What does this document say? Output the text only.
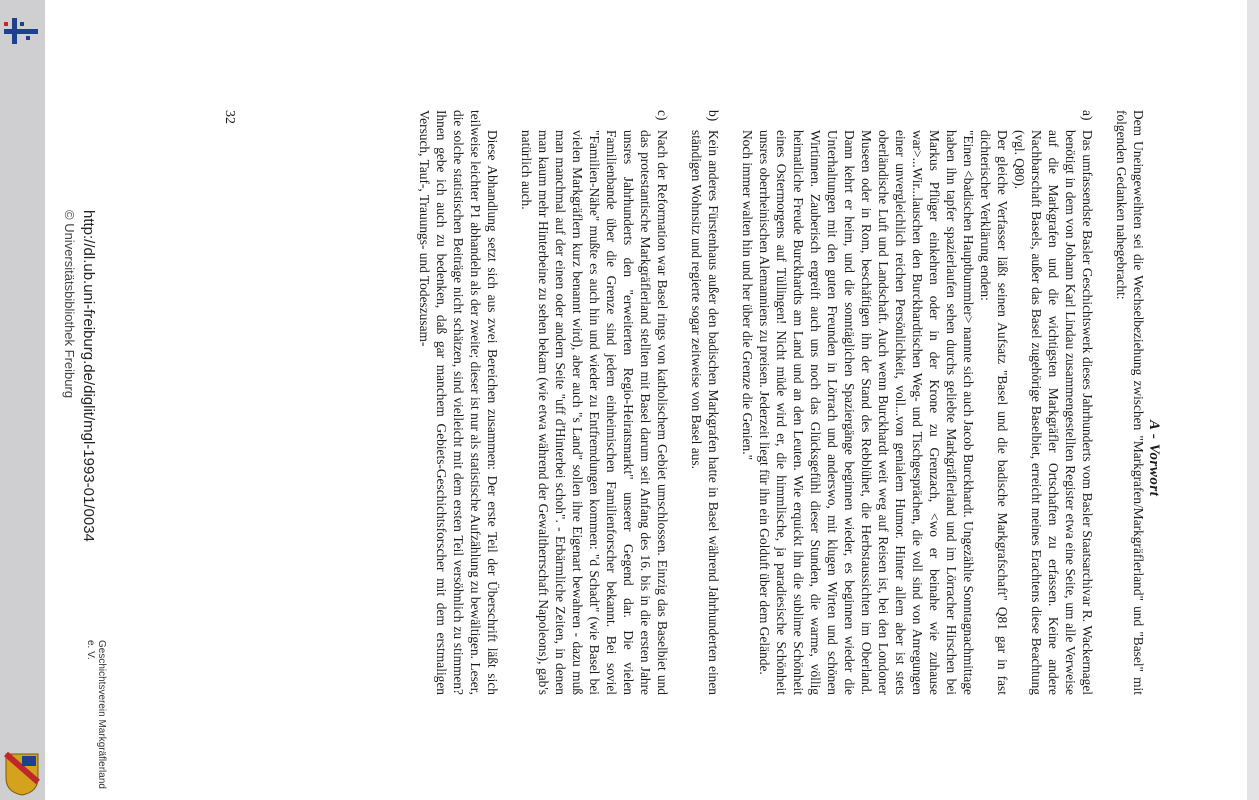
A - Vorwort

Dem Uneingeweihten sei die Wechselbeziehung zwischen "Markgrafen/Markgräflerland" und "Basel" mit folgenden Gedanken nahegebracht:

a)

Das umfassendste Basler Geschichtswerk dieses Jahrhunderts vom Basler Staatsarchivar R. Wackernagel benötigt in dem von Johann Karl Lindau zusammengestellten Register etwa eine Seite, um alle Verweise auf die Markgrafen und die wichtigsten Markgräfler Ortschaften zu erfassen. Keine andere Nachbarschaft Basels, außer das Basel zugehörige Baselbiet, erreicht meines Erachtens diese Beachtung (vgl. Q80).

Der gleiche Verfasser läßt seinen Aufsatz "Basel und die badische Markgrafschaft" Q81 gar in fast dichterischer Verklärung enden:

"Einen <badischen Hauptbummler> nannte sich auch Jacob Burckhardt. Ungezählte Sonntagnachmittage haben ihn tapfer spazierlaufen sehen durchs geliebte Markgräflerland und im Lörracher Hirschen bei Markus Pflüger einkehren oder in der Krone zu Grenzach, <wo er beinahe wie zuhause war>...Wir...lauschen den Burckhardtischen Weg- und Tischgesprächen, die voll sind von Anregungen einer unvergleichlich reichen Persönlichkeit, voll...von genialem Humor. Hinter allem aber ist stets oberländische Luft und Landschaft. Auch wenn Burckhardt weit weg auf Reisen ist, bei den Londoner Museen oder in Rom, beschäftigen ihn der Stand des Rebblühet, die Herbstaussichten im Oberland. Dann kehrt er heim, und die sonntäglichen Spaziergänge beginnen wieder, es beginnen wieder die Unterhaltungen mit den guten Freunden in Lörrach und anderswo, mit klugen Wirten und schönen Wirtinnen. Zauberisch ergreift auch uns noch das Glücksgefühl dieser Stunden, die warme, völlig heimatliche Freude Burckhardts am Land und an den Leuten. Wie erquickt ihn die sublime Schönheit eines Ostermorgens auf Tüllingen! Nicht müde wird er, die himmlische, ja paradiesische Schönheit unsres oberrheinischen Alemanniens zu preisen. Jederzeit liegt für ihn ein Golduft über dem Gelände.

Noch immer walten hin und her über die Grenze die Genien."

b)

Kein anderes Fürstenhaus außer den badischen Markgrafen hatte in Basel während Jahrhunderten einen ständigen Wohnsitz und regierte sogar zeitweise von Basel aus.

c)

Nach der Reformation war Basel rings von katholischem Gebiet umschlossen. Einzig das Baselbiet und das protestantische Markgräflerland stellten mit Basel darum seit Anfang des 16. bis in die ersten Jahre unsres Jahrhunderts den "erweiterten Regio-Heiratsmarkt" unserer Gegend dar. Die vielen Familienbande über die Grenze sind jedem einheimischen Familienforscher bekannt. Bei soviel "Familien-Nähe" mußte es auch hin und wieder zu Entfremdungen kommen: "d Schadt" (wie Basel bei vielen Markgräflern kurz benannt wird), aber auch "s Land" sollen ihre Eigenart bewahren - dazu muß man manchmal auf der einen oder andern Seite "uff d'Hinterbei schoh". - Erbärmliche Zeiten, in denen man kaum mehr Hinterbeine zu sehen bekam (wie etwa während der Gewaltherrschaft Napoleons), gab's natürlich auch.

Diese Abhandlung setzt sich aus zwei Bereichen zusammen: Der erste Teil der Überschrift läßt sich teilweise leichter P1 abhandeln als der zweite; dieser ist nur als statistische Aufzählung zu bewältigen. Leser, die solche statistischen Beiträge nicht schätzen, sind vielleicht mit dem ersten Teil versöhnlich zu stimmen? Ihnen gebe ich auch zu bedenken, daß gar manchem Gebiets-Geschichtsforscher mit dem erstmaligen Versuch, Tauf-, Trauungs- und Todeszusam-

32
http://dl.ub.uni-freiburg.de/diglit/mgl-1993-01/0034
© Universitätsbibliothek Freiburg
Geschichtsverein Markgräflerland e. V.
